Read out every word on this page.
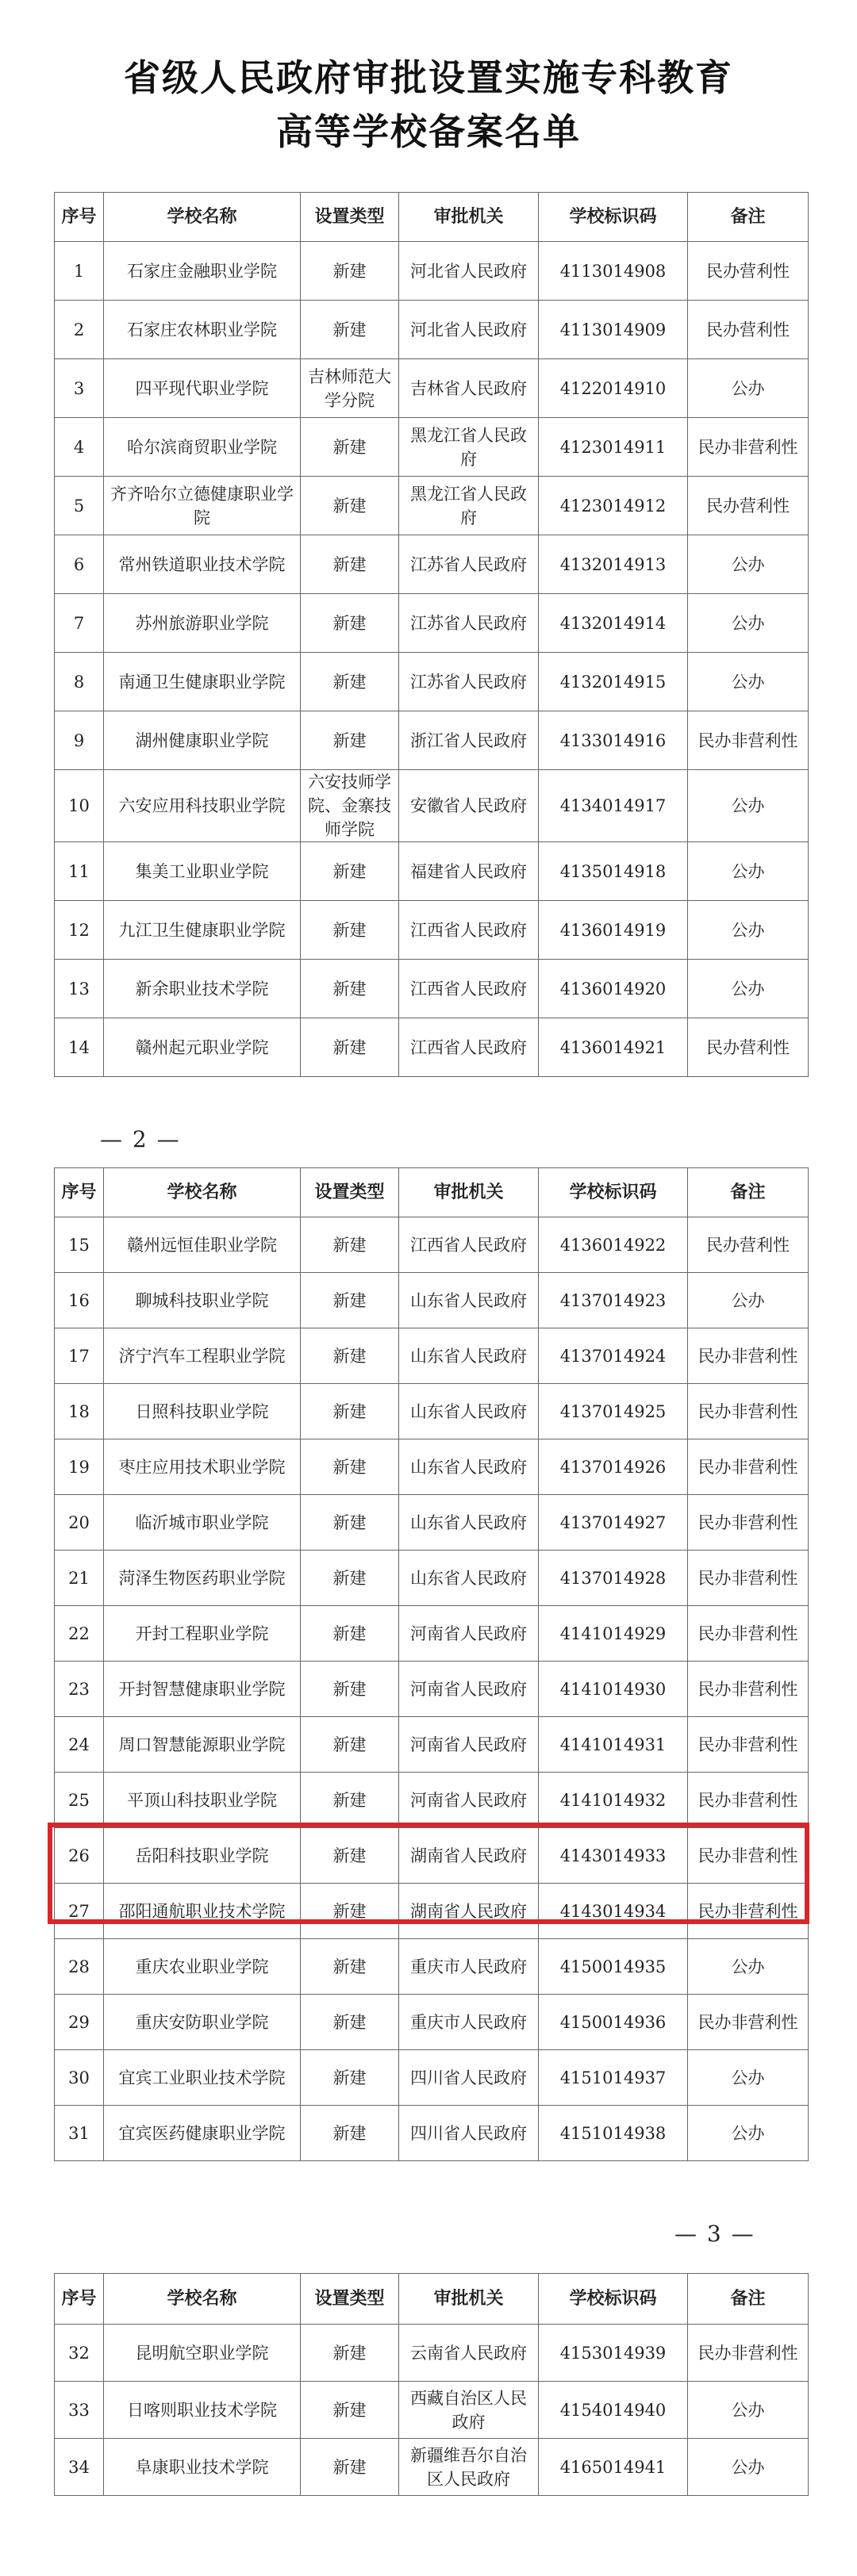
省级人民政府审批设置实施专科教育
高等学校备案名单
序号	学校名称	设置类型	审批机关	学校标识码	备注
1	石家庄金融职业学院	新建	河北省人民政府	4113014908	民办营利性
2	石家庄农林职业学院	新建	河北省人民政府	4113014909	民办营利性
3	四平现代职业学院	吉林师范大学分院	吉林省人民政府	4122014910	公办
4	哈尔滨商贸职业学院	新建	黑龙江省人民政府	4123014911	民办非营利性
5	齐齐哈尔立德健康职业学院	新建	黑龙江省人民政府	4123014912	民办营利性
6	常州铁道职业技术学院	新建	江苏省人民政府	4132014913	公办
7	苏州旅游职业学院	新建	江苏省人民政府	4132014914	公办
8	南通卫生健康职业学院	新建	江苏省人民政府	4132014915	公办
9	湖州健康职业学院	新建	浙江省人民政府	4133014916	民办非营利性
10	六安应用科技职业学院	六安技师学院、金寨技师学院	安徽省人民政府	4134014917	公办
11	集美工业职业学院	新建	福建省人民政府	4135014918	公办
12	九江卫生健康职业学院	新建	江西省人民政府	4136014919	公办
13	新余职业技术学院	新建	江西省人民政府	4136014920	公办
14	赣州起元职业学院	新建	江西省人民政府	4136014921	民办营利性
— 2 —
序号	学校名称	设置类型	审批机关	学校标识码	备注
15	赣州远恒佳职业学院	新建	江西省人民政府	4136014922	民办营利性
16	聊城科技职业学院	新建	山东省人民政府	4137014923	公办
17	济宁汽车工程职业学院	新建	山东省人民政府	4137014924	民办非营利性
18	日照科技职业学院	新建	山东省人民政府	4137014925	民办非营利性
19	枣庄应用技术职业学院	新建	山东省人民政府	4137014926	民办非营利性
20	临沂城市职业学院	新建	山东省人民政府	4137014927	民办非营利性
21	菏泽生物医药职业学院	新建	山东省人民政府	4137014928	民办非营利性
22	开封工程职业学院	新建	河南省人民政府	4141014929	民办非营利性
23	开封智慧健康职业学院	新建	河南省人民政府	4141014930	民办非营利性
24	周口智慧能源职业学院	新建	河南省人民政府	4141014931	民办非营利性
25	平顶山科技职业学院	新建	河南省人民政府	4141014932	民办非营利性
26	岳阳科技职业学院	新建	湖南省人民政府	4143014933	民办非营利性
27	邵阳通航职业技术学院	新建	湖南省人民政府	4143014934	民办非营利性
28	重庆农业职业学院	新建	重庆市人民政府	4150014935	公办
29	重庆安防职业学院	新建	重庆市人民政府	4150014936	民办非营利性
30	宜宾工业职业技术学院	新建	四川省人民政府	4151014937	公办
31	宜宾医药健康职业学院	新建	四川省人民政府	4151014938	公办
— 3 —
序号	学校名称	设置类型	审批机关	学校标识码	备注
32	昆明航空职业学院	新建	云南省人民政府	4153014939	民办非营利性
33	日喀则职业技术学院	新建	西藏自治区人民政府	4154014940	公办
34	阜康职业技术学院	新建	新疆维吾尔自治区人民政府	4165014941	公办
